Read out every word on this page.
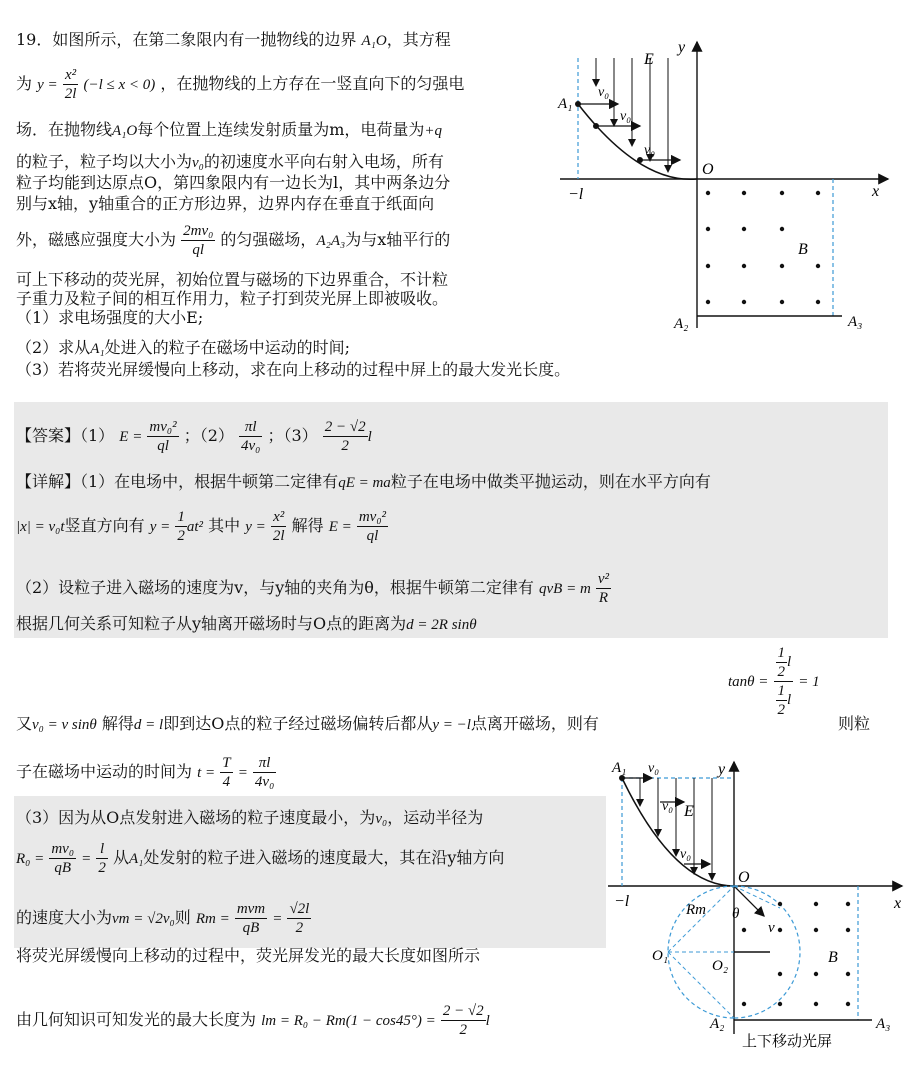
19．如图所示，在第二象限内有一抛物线的边界 A₁O，其方程
为 $y = \frac{\text{x²}}{2l} (-l \le x < 0)$ ，在抛物线的上方存在一竖直向下的匀强电
场．在抛物线A₁O每个位置上连续发射质量为m，电荷量为+q
的粒子，粒子均以大小为v₀的初速度水平向右射入电场，所有
粒子均能到达原点O，第四象限内有一边长为l，其中两条边分
别与x轴，y轴重合的正方形边界，边界内存在垂直于纸面向
外，磁感应强度大小为 $\frac{\text{2mv₀}}{ql}$ 的匀强磁场，A₂A₃为与x轴平行的
可上下移动的荧光屏，初始位置与磁场的下边界重合，不计粒
子重力及粒子间的相互作用力，粒子打到荧光屏上即被吸收。
（1）求电场强度的大小E;
（2）求从A₁处进入的粒子在磁场中运动的时间;
（3）若将荧光屏缓慢向上移动，求在向上移动的过程中屏上的最大发光长度。
A₁
v₀
v₀
v₀
E
y
O
−l	x
B
A₂	A₃
【答案】（1） $E = \frac{\text{mv₀²}}{ql}$ ；$(2) \frac{\pi l}{\text{4v₀}}$ ；$(3) \frac{2 - √2}{2}$ l
【详解】（1）在电场中，根据牛顿第二定律有qE = ma粒子在电场中做类平抛运动，则在水平方向有
|x| = v₀t竖直方向有 $y = \frac{1}{2} at^2$ 其中 $y = \frac{\text{x²}}{2l}$ 解得 $E = \frac{\text{mv₀²}}{ql}$
（2）设粒子进入磁场的速度为v，与y轴的夹角为θ，根据牛顿第二定律有 qvB = m $\frac{\text{v²}}{R}$
根据几何关系可知粒子从y轴离开磁场时与O点的距离为d = 2R sinθ
$\tan\theta = \frac{\frac{1}{2} l}{\frac{1}{2} l} = 1$
又v₀ = v sinθ 解得d = l即到达O点的粒子经过磁场偏转后都从y = −l点离开磁场，则有	则粒
子在磁场中运动的时间为 $t = \frac{T}{4} = \frac{\pi l}{\text{4v₀}}$
（3）因为从O点发射进入磁场的粒子速度最小，为v₀，运动半径为
$R_0 = \frac{\text{mv₀}}{qB} = \frac{l}{2}$ 从A₁处发射的粒子进入磁场的速度最大，其在沿y轴方向
的速度大小为vm = √2v₀则 $Rm = \frac{\text{mvm}}{qB} = \frac{√2l}{2}$
将荧光屏缓慢向上移动的过程中，荧光屏发光的最大长度如图所示
由几何知识可知发光的最大长度为 lm = $R_0 - Rm(1 - \cos 45^\circ) = \frac{2 - √2}{2}$ l
A₁ v₀
v₀
v₀
E
y
O
−l	x
Rm θ
v
O₁
O₂	B
A₂	A₃
上下移动光屏
